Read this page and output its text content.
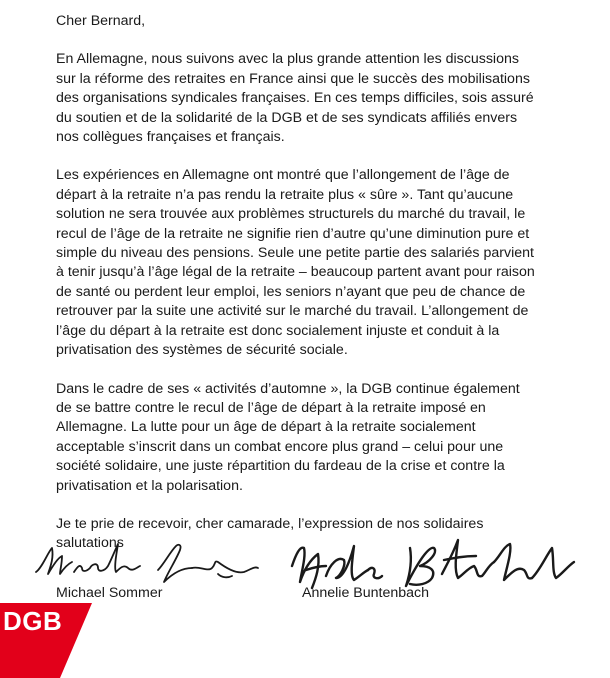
Cher Bernard,

En Allemagne, nous suivons avec la plus grande attention les discussions
sur la réforme des retraites en France ainsi que le succès des mobilisations
des organisations syndicales françaises. En ces temps difficiles, sois assuré
du soutien et de la solidarité de la DGB et de ses syndicats affiliés envers
nos collègues françaises et français.

Les expériences en Allemagne ont montré que l’allongement de l’âge de
départ à la retraite n’a pas rendu la retraite plus « sûre ». Tant qu’aucune
solution ne sera trouvée aux problèmes structurels du marché du travail, le
recul de l’âge de la retraite ne signifie rien d’autre qu’une diminution pure et
simple du niveau des pensions. Seule une petite partie des salariés parvient
à tenir jusqu’à l’âge légal de la retraite – beaucoup partent avant pour raison
de santé ou perdent leur emploi, les seniors n’ayant que peu de chance de
retrouver par la suite une activité sur le marché du travail. L’allongement de
l’âge du départ à la retraite est donc socialement injuste et conduit à la
privatisation des systèmes de sécurité sociale.

Dans le cadre de ses « activités d’automne », la DGB continue également
de se battre contre le recul de l’âge de départ à la retraite imposé en
Allemagne. La lutte pour un âge de départ à la retraite socialement
acceptable s’inscrit dans un combat encore plus grand – celui pour une
société solidaire, une juste répartition du fardeau de la crise et contre la
privatisation et la polarisation.

Je te prie de recevoir, cher camarade, l’expression de nos solidaires
salutations

Michael Sommer	Annelie Buntenbach
DGB
